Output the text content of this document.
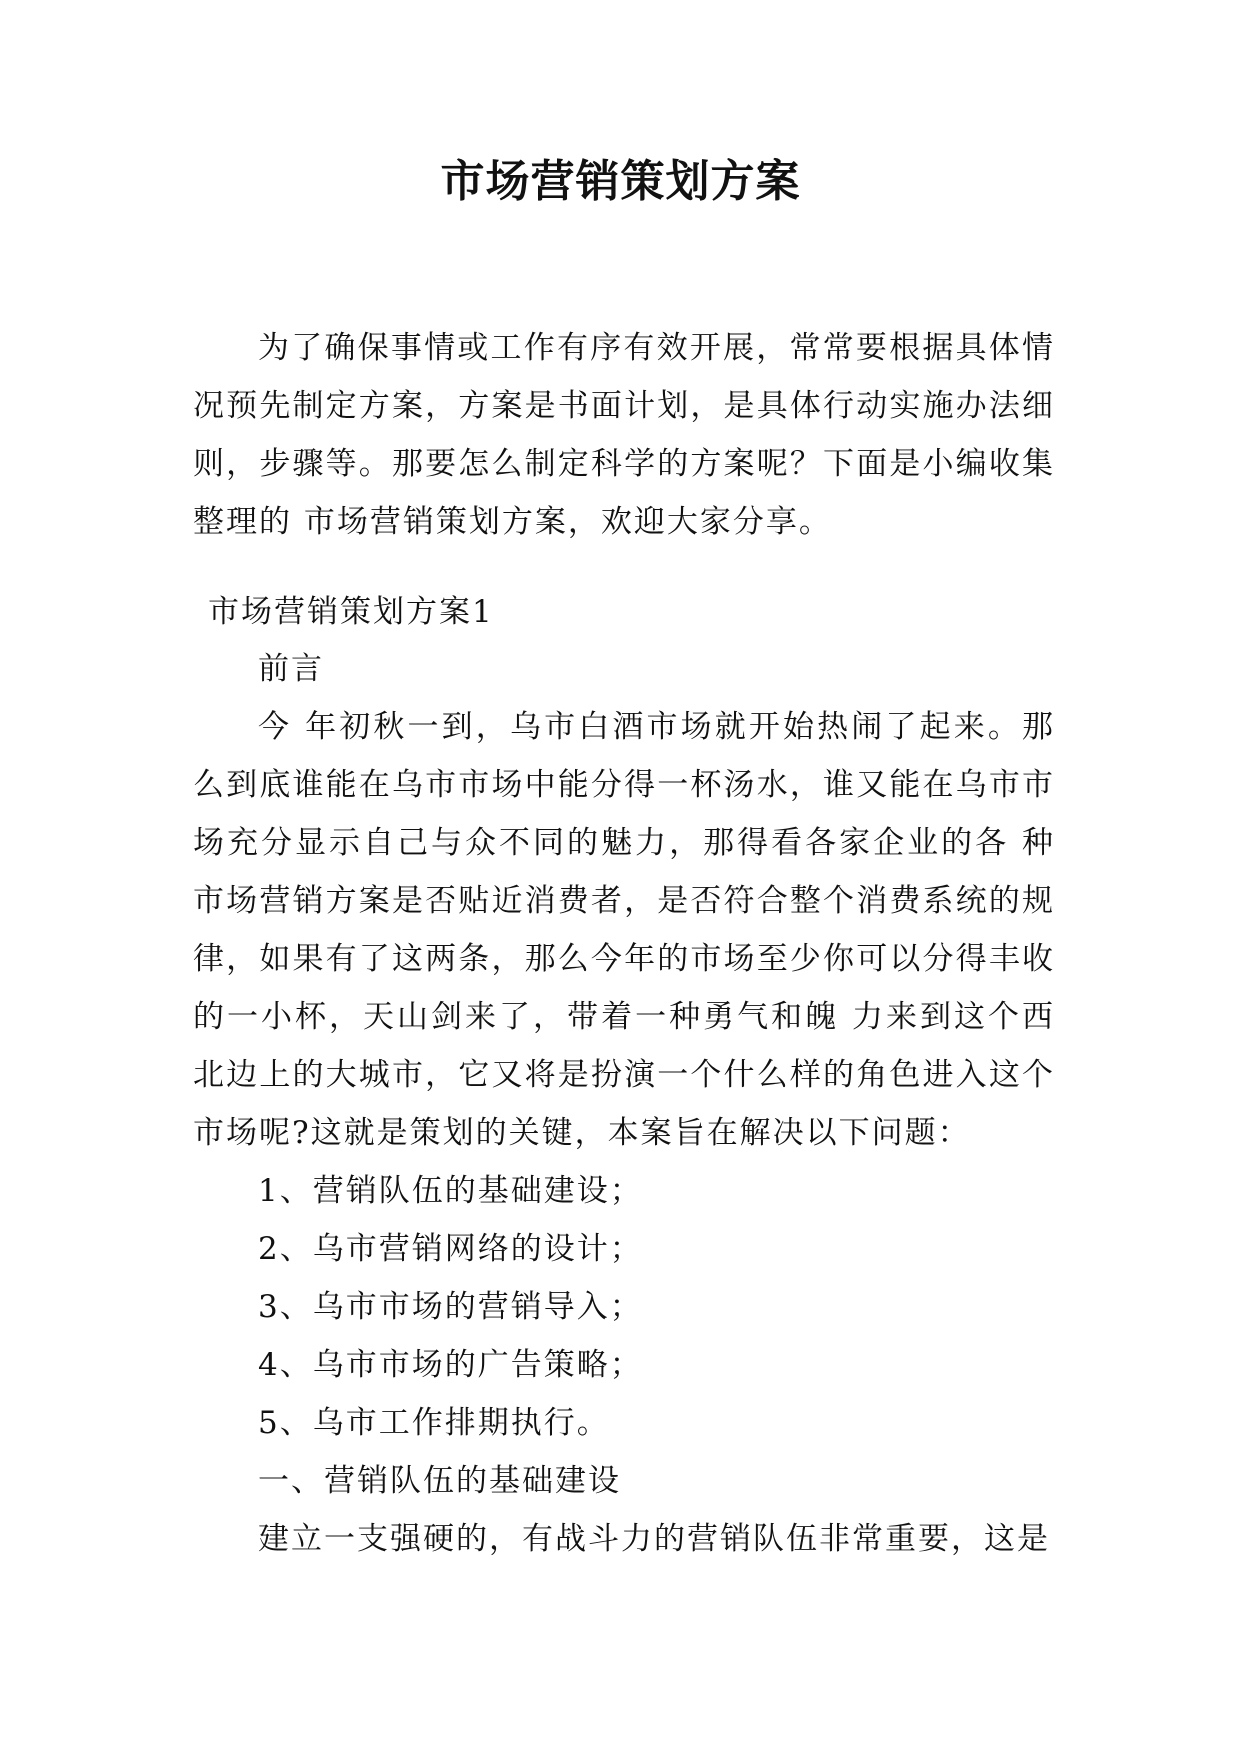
市场营销策划方案

为了确保事情或工作有序有效开展，常常要根据具体情况预先制定方案，方案是书面计划，是具体行动实施办法细则，步骤等。那要怎么制定科学的方案呢？下面是小编收集整理的 市场营销策划方案，欢迎大家分享。

市场营销策划方案1

前言

今 年初秋一到，乌市白酒市场就开始热闹了起来。那么到底谁能在乌市市场中能分得一杯汤水，谁又能在乌市市场充分显示自己与众不同的魅力，那得看各家企业的各 种市场营销方案是否贴近消费者，是否符合整个消费系统的规律，如果有了这两条，那么今年的市场至少你可以分得丰收的一小杯，天山剑来了，带着一种勇气和魄 力来到这个西北边上的大城市，它又将是扮演一个什么样的角色进入这个市场呢?这就是策划的关键，本案旨在解决以下问题：

1、营销队伍的基础建设；

2、乌市营销网络的设计；

3、乌市市场的营销导入；

4、乌市市场的广告策略；

5、乌市工作排期执行。

一、营销队伍的基础建设

建立一支强硬的，有战斗力的营销队伍非常重要，这是
